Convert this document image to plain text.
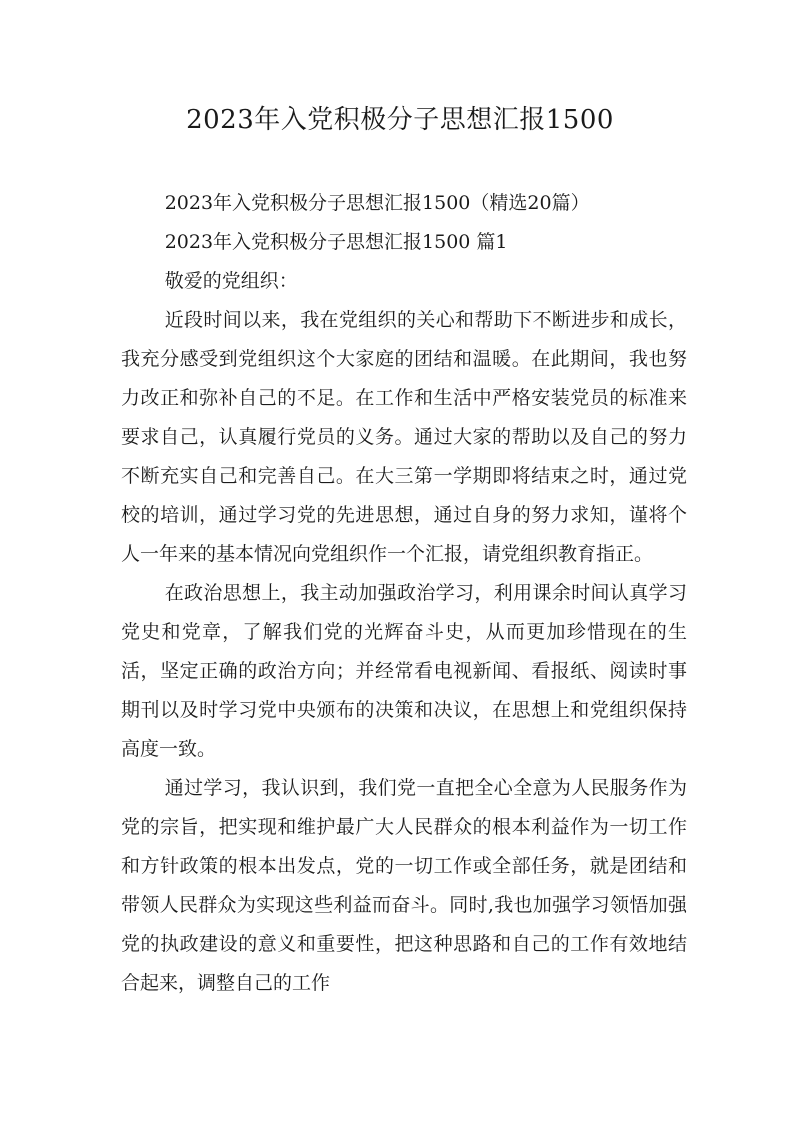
2023年入党积极分子思想汇报1500

2023年入党积极分子思想汇报1500（精选20篇）

2023年入党积极分子思想汇报1500 篇1

敬爱的党组织：

近段时间以来，我在党组织的关心和帮助下不断进步和成长，我充分感受到党组织这个大家庭的团结和温暖。在此期间，我也努力改正和弥补自己的不足。在工作和生活中严格安装党员的标准来要求自己，认真履行党员的义务。通过大家的帮助以及自己的努力不断充实自己和完善自己。在大三第一学期即将结束之时，通过党校的培训，通过学习党的先进思想，通过自身的努力求知，谨将个人一年来的基本情况向党组织作一个汇报，请党组织教育指正。

在政治思想上，我主动加强政治学习，利用课余时间认真学习党史和党章，了解我们党的光辉奋斗史，从而更加珍惜现在的生活，坚定正确的政治方向；并经常看电视新闻、看报纸、阅读时事期刊以及时学习党中央颁布的决策和决议，在思想上和党组织保持高度一致。

通过学习，我认识到，我们党一直把全心全意为人民服务作为党的宗旨，把实现和维护最广大人民群众的根本利益作为一切工作和方针政策的根本出发点，党的一切工作或全部任务，就是团结和带领人民群众为实现这些利益而奋斗。同时,我也加强学习领悟加强党的执政建设的意义和重要性，把这种思路和自己的工作有效地结合起来，调整自己的工作
